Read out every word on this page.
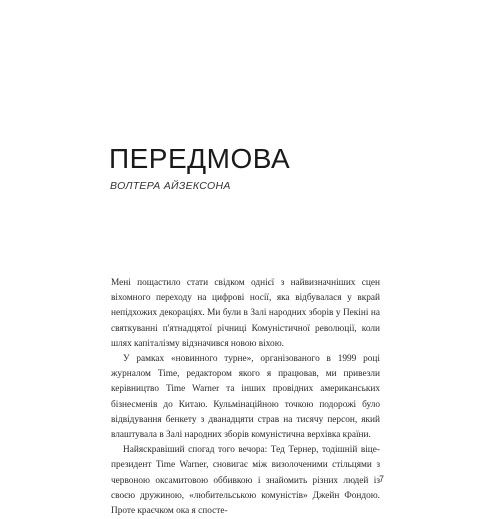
ПЕРЕДМОВА
ВОЛТЕРА АЙЗЕКСОНА

Мені пощастило стати свідком однієї з найвизначніших сцен віхомного переходу на цифрові носії, яка відбувалася у вкрай непідхожих декораціях. Ми були в Залі народних зборів у Пекіні на святкуванні п'ятнадцятої річниці Комуністичної революції, коли шлях капіталізму відзначився новою віхою.

У рамках «новинного турне», організованого в 1999 році журналом Time, редактором якого я працював, ми привезли керівництво Time Warner та інших провідних американських бізнесменів до Китаю. Кульмінаційною точкою подорожі було відвідування бенкету з дванадцяти страв на тисячу персон, який влаштувала в Залі народних зборів комуністична верхівка країни.

Найяскравіший спогад того вечора: Тед Тернер, тодішній віце-президент Time Warner, сновигає між визолоченими стільцями з червоною оксамитовою оббивкою і знайомить різних людей із своєю дружиною, «любительською комуністів» Джейн Фондою. Проте краєчком ока я спосте-

7
